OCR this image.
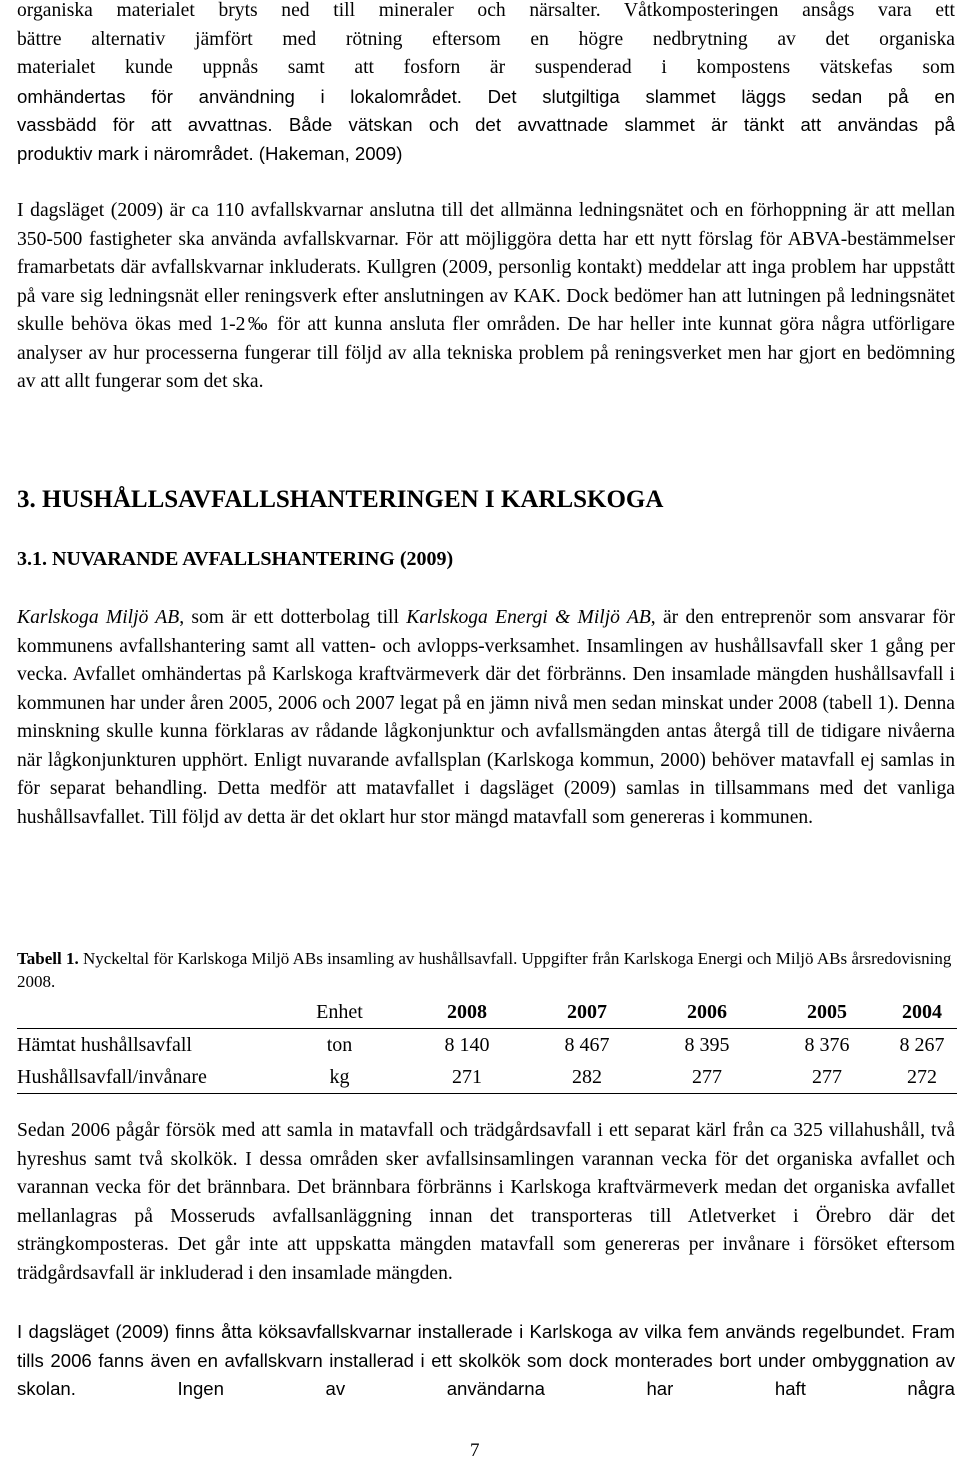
organiska materialet bryts ned till mineraler och närsalter. Våtkomposteringen ansågs vara ett

bättre alternativ jämfört med rötning eftersom en högre nedbrytning av det organiska

materialet kunde uppnås samt att fosforn är suspenderad i kompostens vätskefas som

omhändertas för användning i lokalområdet. Det slutgiltiga slammet läggs sedan på en

vassbädd för att avvattnas. Både vätskan och det avvattnade slammet är tänkt att användas på

produktiv mark i närområdet. (Hakeman, 2009)

I dagsläget (2009) är ca 110 avfallskvarnar anslutna till det allmänna ledningsnätet och en förhoppning är att mellan 350-500 fastigheter ska använda avfallskvarnar. För att möjliggöra detta har ett nytt förslag för ABVA-bestämmelser framarbetats där avfallskvarnar inkluderats. Kullgren (2009, personlig kontakt) meddelar att inga problem har uppstått på vare sig ledningsnät eller reningsverk efter anslutningen av KAK. Dock bedömer han att lutningen på ledningsnätet skulle behöva ökas med 1-2‰ för att kunna ansluta fler områden. De har heller inte kunnat göra några utförligare analyser av hur processerna fungerar till följd av alla tekniska problem på reningsverket men har gjort en bedömning av att allt fungerar som det ska.

3. HUSHÅLLSAVFALLSHANTERINGEN I KARLSKOGA
3.1. NUVARANDE AVFALLSHANTERING (2009)

Karlskoga Miljö AB, som är ett dotterbolag till Karlskoga Energi & Miljö AB, är den entreprenör som ansvarar för kommunens avfallshantering samt all vatten- och avlopps-verksamhet. Insamlingen av hushållsavfall sker 1 gång per vecka. Avfallet omhändertas på Karlskoga kraftvärmeverk där det förbränns. Den insamlade mängden hushållsavfall i kommunen har under åren 2005, 2006 och 2007 legat på en jämn nivå men sedan minskat under 2008 (tabell 1). Denna minskning skulle kunna förklaras av rådande lågkonjunktur och avfallsmängden antas återgå till de tidigare nivåerna när lågkonjunkturen upphört. Enligt nuvarande avfallsplan (Karlskoga kommun, 2000) behöver matavfall ej samlas in för separat behandling. Detta medför att matavfallet i dagsläget (2009) samlas in tillsammans med det vanliga hushållsavfallet. Till följd av detta är det oklart hur stor mängd matavfall som genereras i kommunen.

Tabell 1. Nyckeltal för Karlskoga Miljö ABs insamling av hushållsavfall. Uppgifter från Karlskoga Energi och Miljö ABs årsredovisning 2008.

	Enhet	2008	2007	2006	2005	2004
Hämtat hushållsavfall	ton	8 140	8 467	8 395	8 376	8 267
Hushållsavfall/invånare	kg	271	282	277	277	272

Sedan 2006 pågår försök med att samla in matavfall och trädgårdsavfall i ett separat kärl från ca 325 villahushåll, två hyreshus samt två skolkök. I dessa områden sker avfallsinsamlingen varannan vecka för det organiska avfallet och varannan vecka för det brännbara. Det brännbara förbränns i Karlskoga kraftvärmeverk medan det organiska avfallet mellanlagras på Mosseruds avfallsanläggning innan det transporteras till Atletverket i Örebro där det strängkomposteras. Det går inte att uppskatta mängden matavfall som genereras per invånare i försöket eftersom trädgårdsavfall är inkluderad i den insamlade mängden.

I dagsläget (2009) finns åtta köksavfallskvarnar installerade i Karlskoga av vilka fem används regelbundet. Fram tills 2006 fanns även en avfallskvarn installerad i ett skolkök som dock monterades bort under ombyggnation av skolan. Ingen av användarna har haft några

7
